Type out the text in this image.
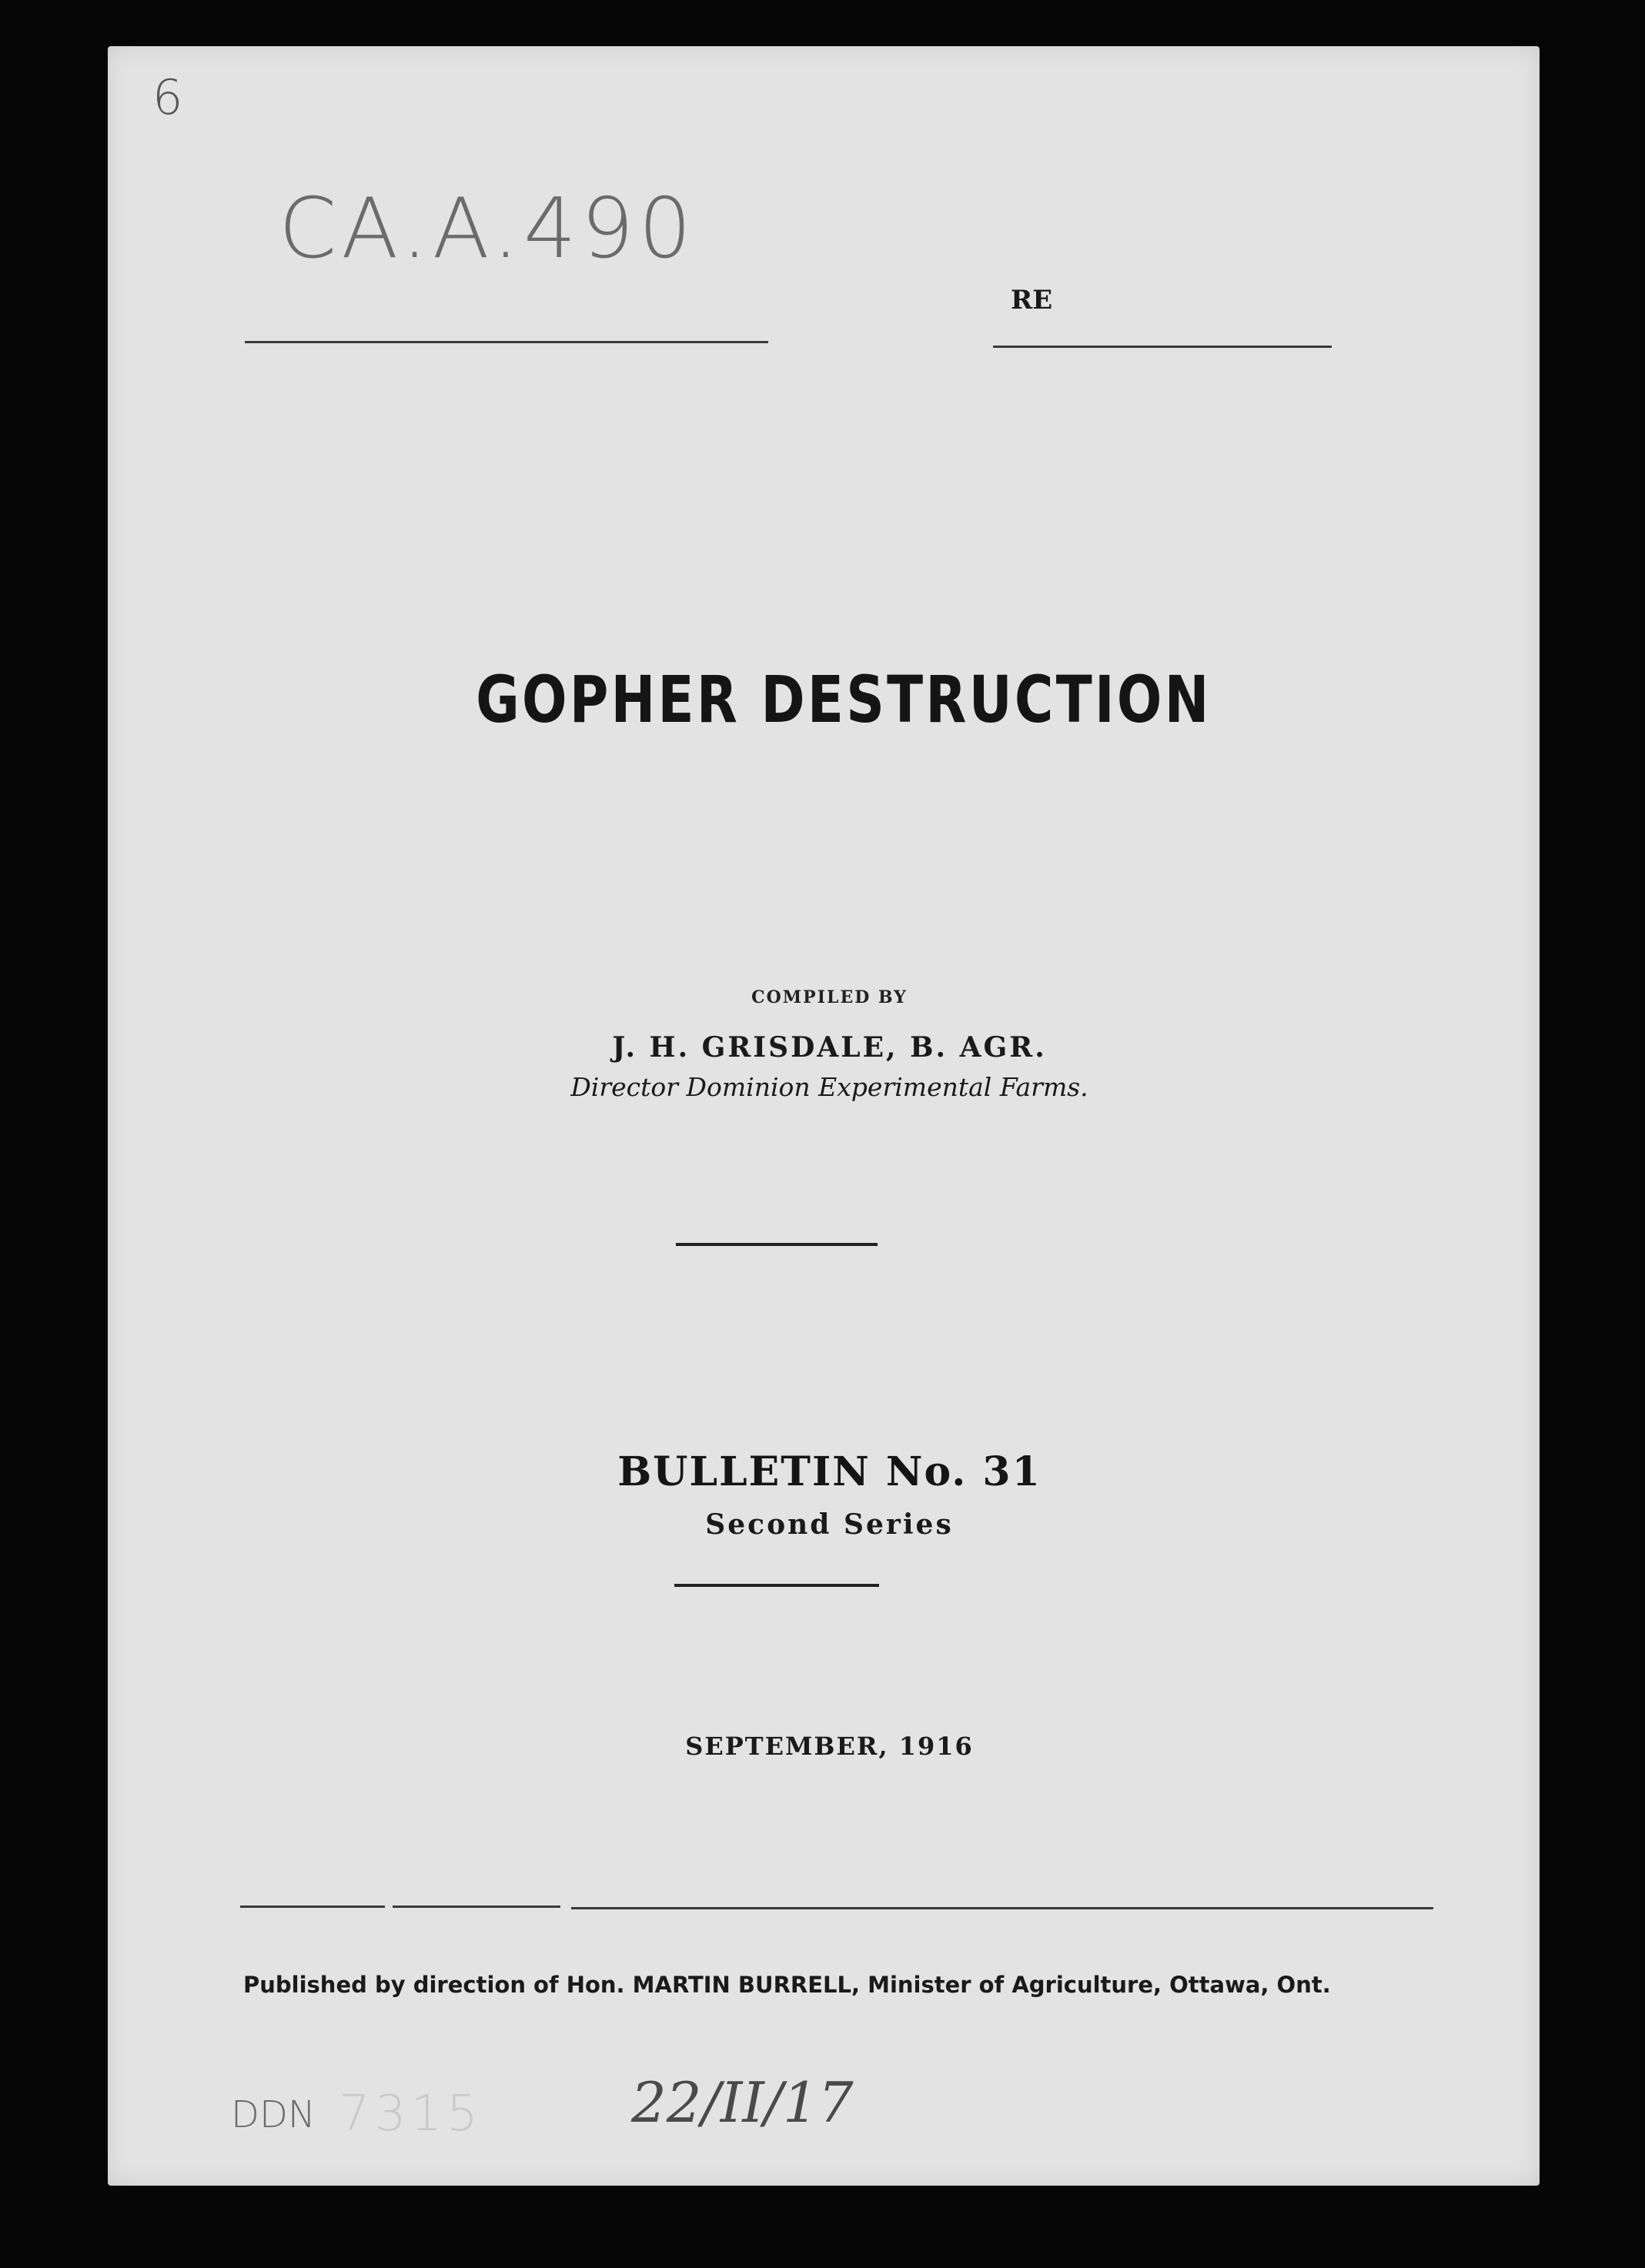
6
CA.A.490
RE
GOPHER DESTRUCTION
COMPILED BY
J. H. GRISDALE, B. AGR.
Director Dominion Experimental Farms.
BULLETIN No. 31
Second Series
SEPTEMBER, 1916
Published by direction of Hon. MARTIN BURRELL, Minister of Agriculture, Ottawa, Ont.
DDN 7315	22/II/17
